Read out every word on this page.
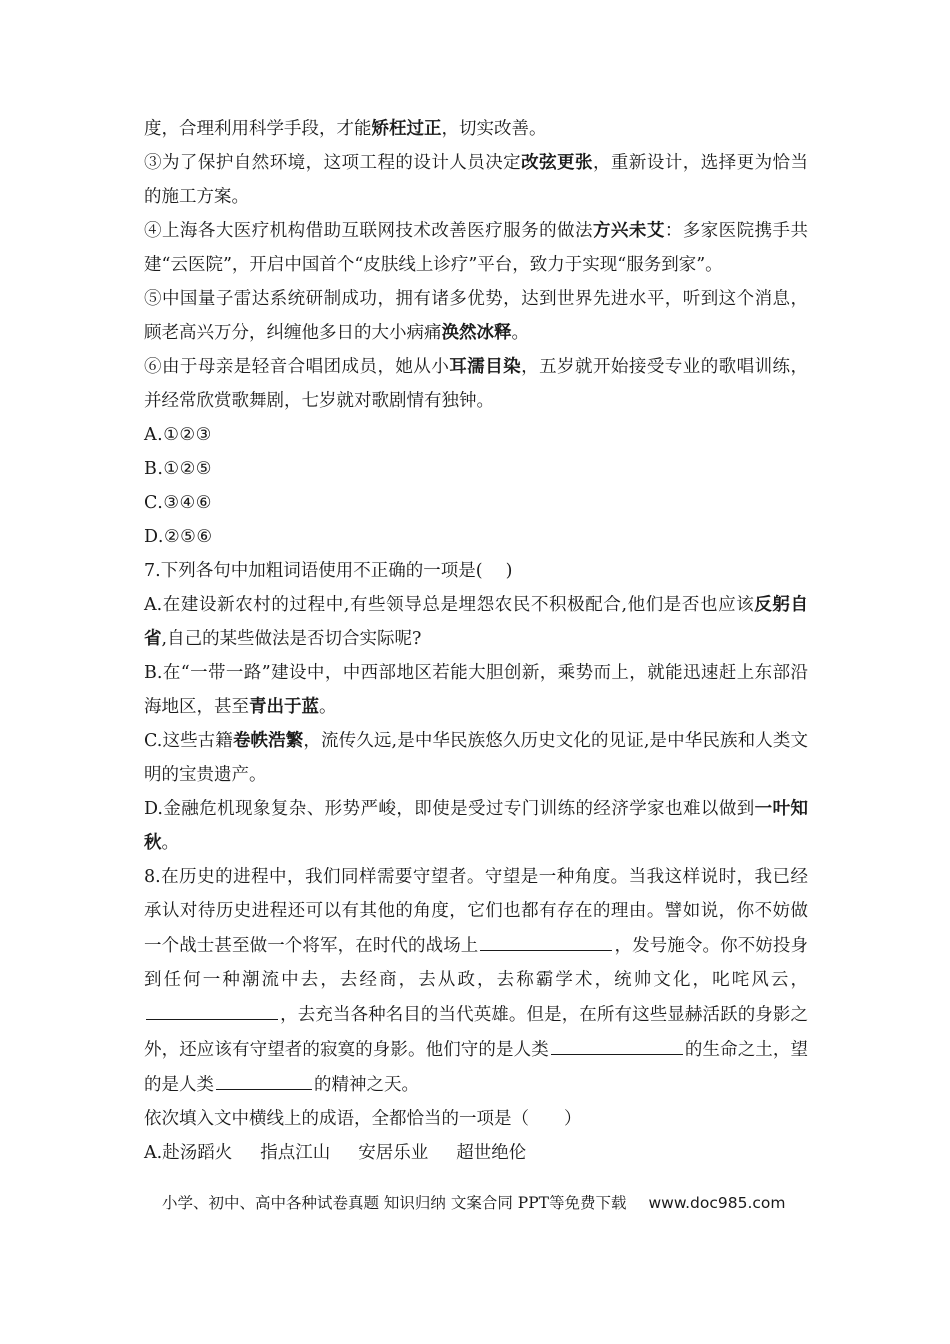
度，合理利用科学手段，才能矫枉过正，切实改善。

③为了保护自然环境，这项工程的设计人员决定改弦更张，重新设计，选择更为恰当的施工方案。

④上海各大医疗机构借助互联网技术改善医疗服务的做法方兴未艾：多家医院携手共建“云医院”，开启中国首个“皮肤线上诊疗”平台，致力于实现“服务到家”。

⑤中国量子雷达系统研制成功，拥有诸多优势，达到世界先进水平，听到这个消息，顾老高兴万分，纠缠他多日的大小病痛涣然冰释。

⑥由于母亲是轻音合唱团成员，她从小耳濡目染，五岁就开始接受专业的歌唱训练，并经常欣赏歌舞剧，七岁就对歌剧情有独钟。

A.①②③

B.①②⑤

C.③④⑥

D.②⑤⑥

7.下列各句中加粗词语使用不正确的一项是(　 )

A.在建设新农村的过程中,有些领导总是埋怨农民不积极配合,他们是否也应该反躬自省,自己的某些做法是否切合实际呢?

B.在“一带一路”建设中，中西部地区若能大胆创新，乘势而上，就能迅速赶上东部沿海地区，甚至青出于蓝。

C.这些古籍卷帙浩繁，流传久远,是中华民族悠久历史文化的见证,是中华民族和人类文明的宝贵遗产。

D.金融危机现象复杂、形势严峻，即使是受过专门训练的经济学家也难以做到一叶知秋。

8.在历史的进程中，我们同样需要守望者。守望是一种角度。当我这样说时，我已经承认对待历史进程还可以有其他的角度，它们也都有存在的理由。譬如说，你不妨做一个战士甚至做一个将军，在时代的战场上	，发号施令。你不妨投身到任何一种潮流中去，去经商，去从政，去称霸学术，统帅文化，叱咤风云，，去充当各种名目的当代英雄。但是，在所有这些显赫活跃的身影之外，还应该有守望者的寂寞的身影。他们守的是人类	的生命之土，望的是人类	的精神之天。

依次填入文中横线上的成语，全都恰当的一项是（　　）

A.赴汤蹈火 指点江山 安居乐业 超世绝伦

小学、初中、高中各种试卷真题 知识归纳 文案合同 PPT等免费下载 www.doc985.com
